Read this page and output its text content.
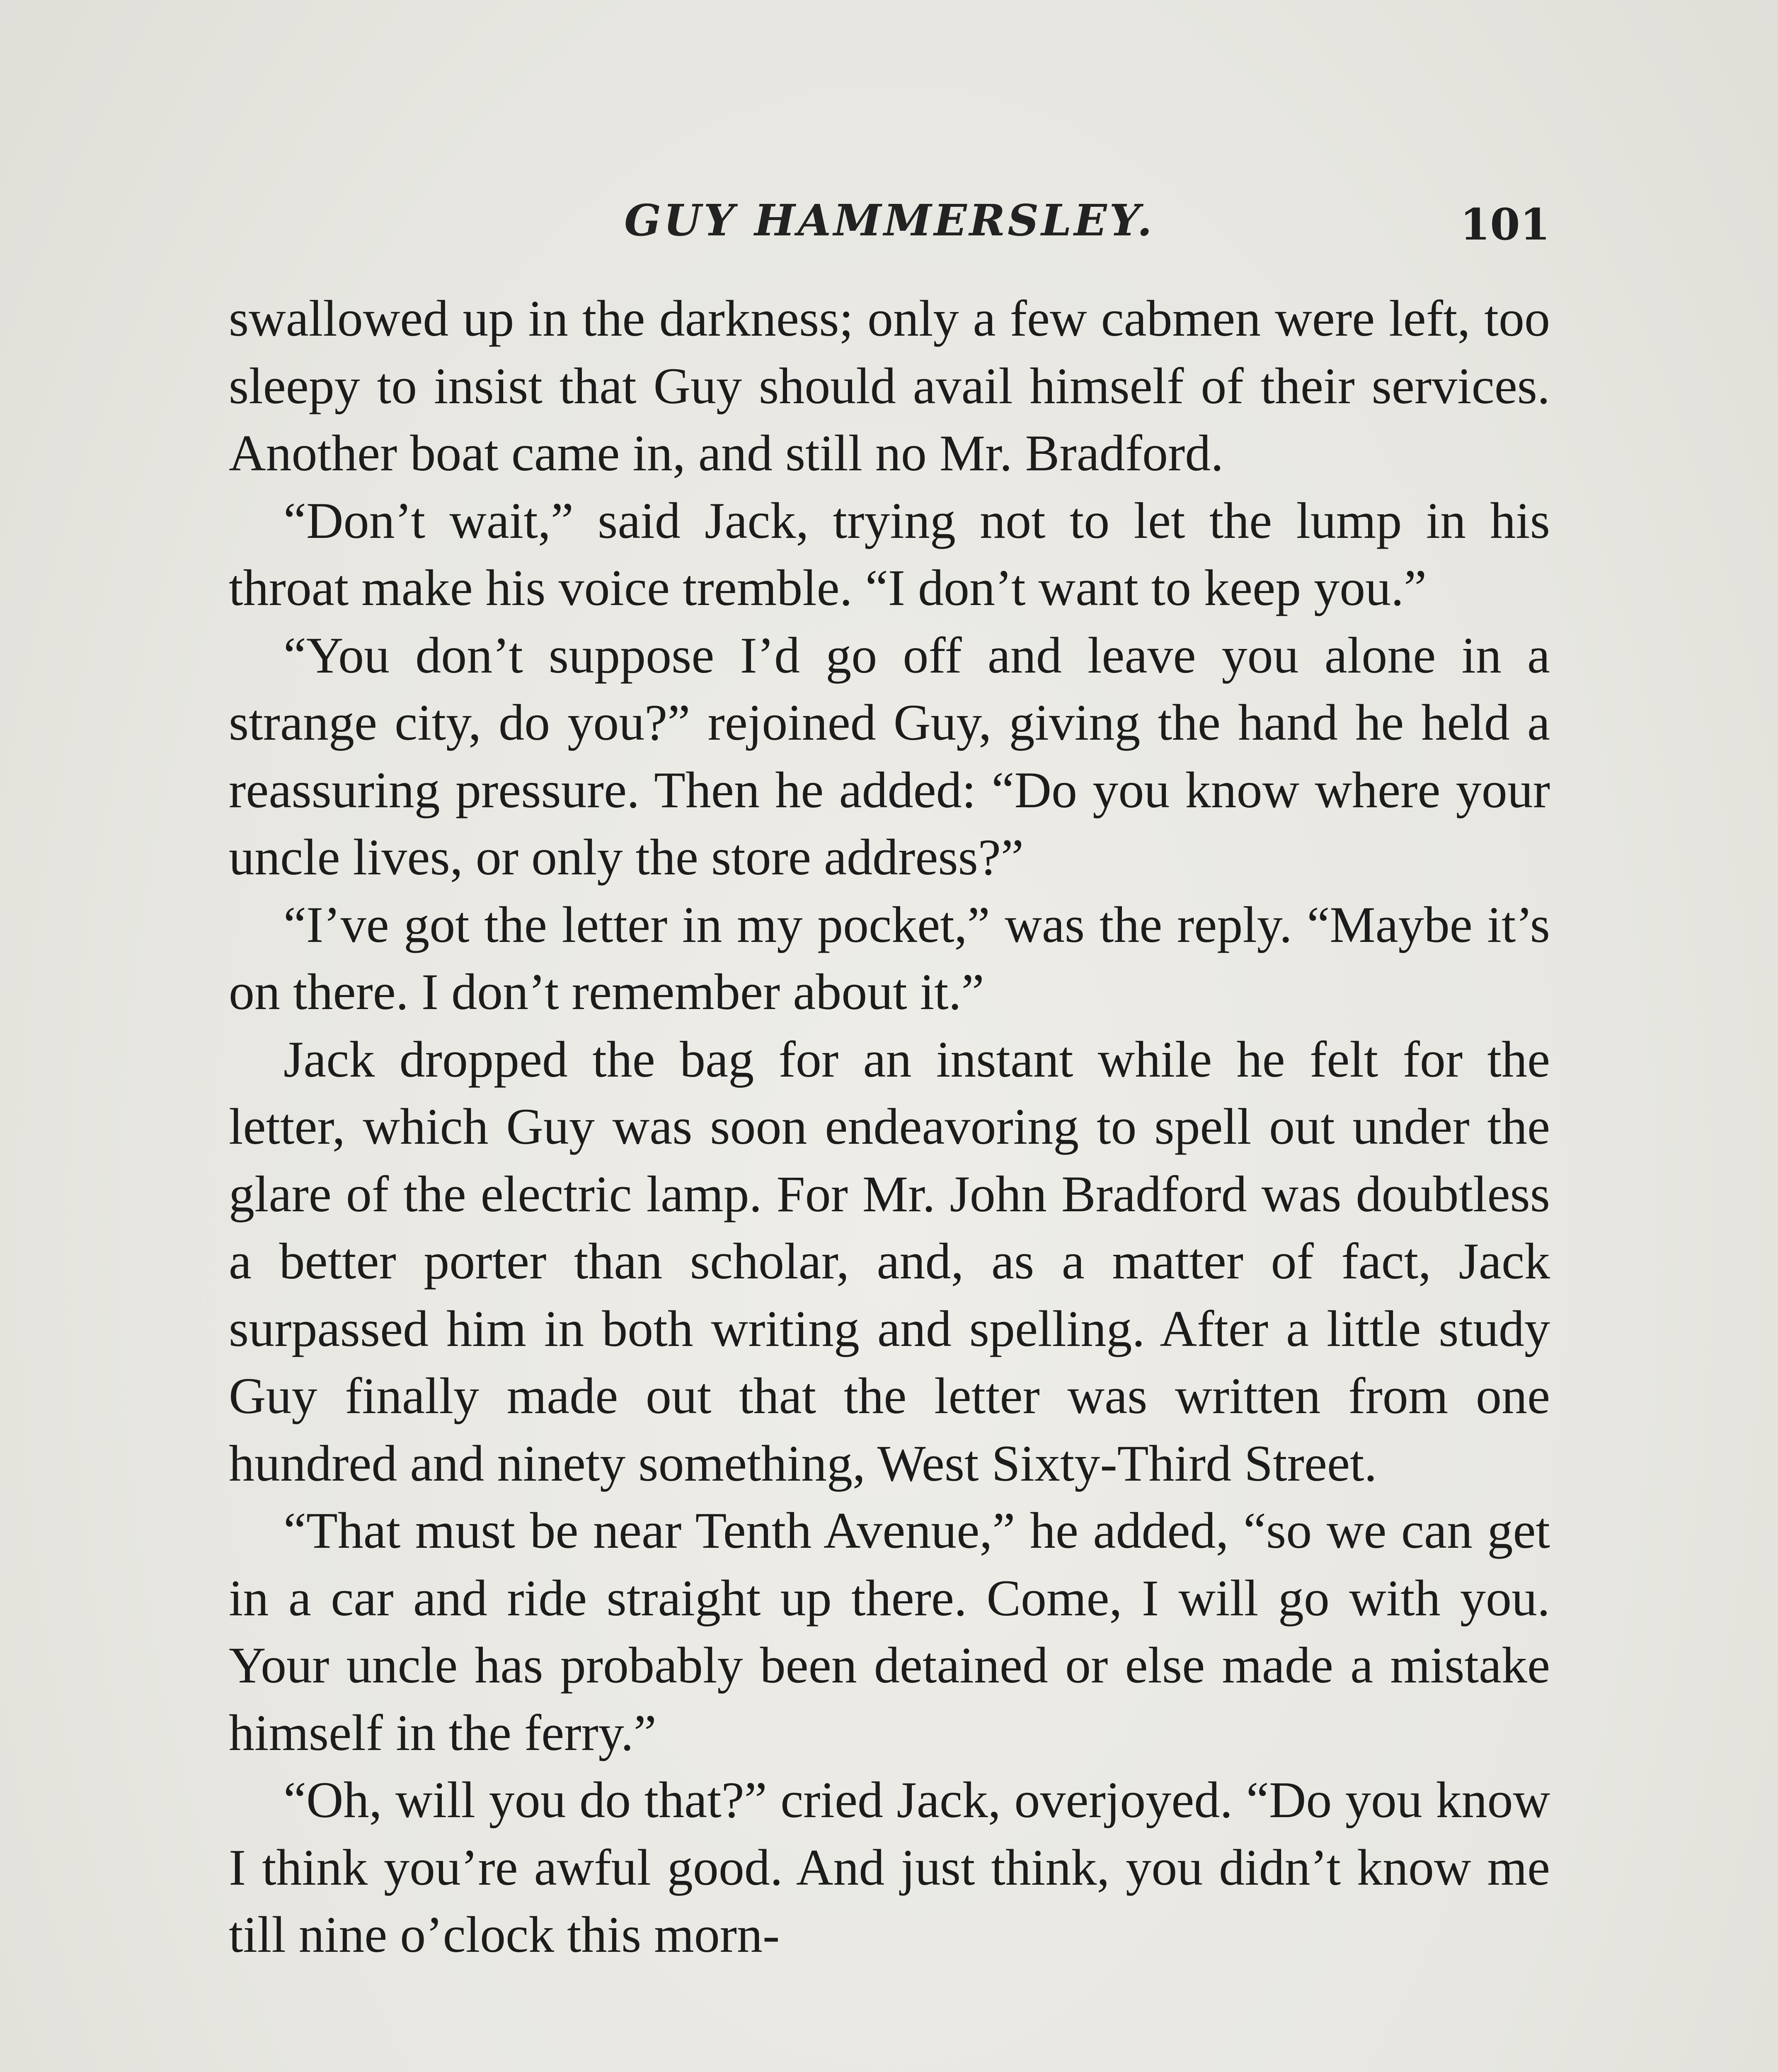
GUY HAMMERSLEY.	101

swallowed up in the darkness; only a few cabmen were left, too sleepy to insist that Guy should avail himself of their services. Another boat came in, and still no Mr. Bradford.

“Don’t wait,” said Jack, trying not to let the lump in his throat make his voice tremble. “I don’t want to keep you.”

“You don’t suppose I’d go off and leave you alone in a strange city, do you?” rejoined Guy, giving the hand he held a reassuring pressure. Then he added: “Do you know where your uncle lives, or only the store address?”

“I’ve got the letter in my pocket,” was the reply. “Maybe it’s on there. I don’t remember about it.”

Jack dropped the bag for an instant while he felt for the letter, which Guy was soon endeavoring to spell out under the glare of the electric lamp. For Mr. John Bradford was doubtless a better porter than scholar, and, as a matter of fact, Jack surpassed him in both writing and spelling. After a little study Guy finally made out that the letter was written from one hundred and ninety something, West Sixty-Third Street.

“That must be near Tenth Avenue,” he added, “so we can get in a car and ride straight up there. Come, I will go with you. Your uncle has probably been detained or else made a mistake himself in the ferry.”

“Oh, will you do that?” cried Jack, overjoyed. “Do you know I think you’re awful good. And just think, you didn’t know me till nine o’clock this morn-
